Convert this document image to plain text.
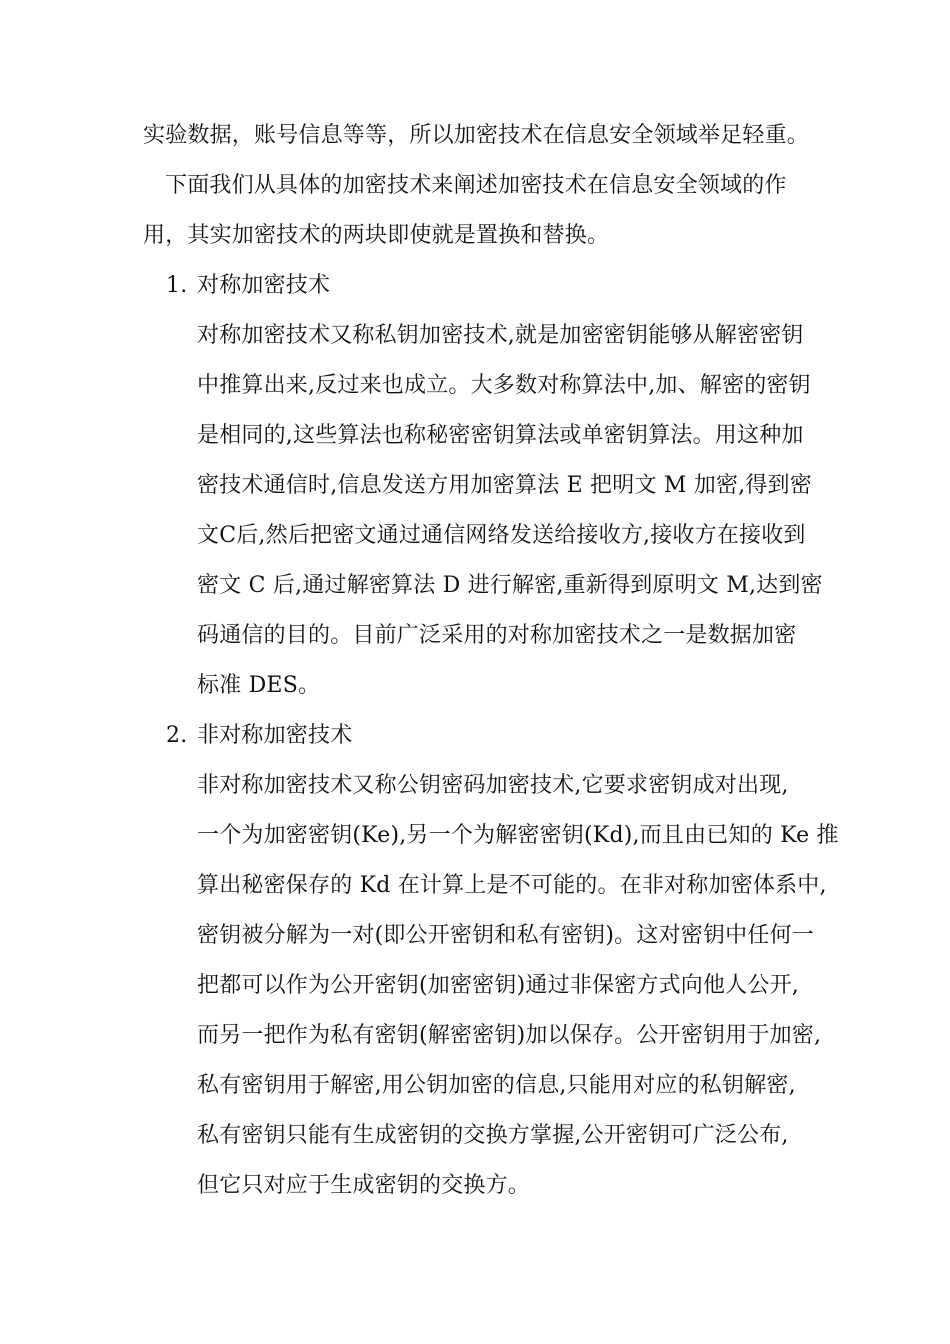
实验数据，账号信息等等，所以加密技术在信息安全领域举足轻重。
下面我们从具体的加密技术来阐述加密技术在信息安全领域的作
用，其实加密技术的两块即使就是置换和替换。
1. 对称加密技术
对称加密技术又称私钥加密技术,就是加密密钥能够从解密密钥
中推算出来,反过来也成立。大多数对称算法中,加、解密的密钥
是相同的,这些算法也称秘密密钥算法或单密钥算法。用这种加
密技术通信时,信息发送方用加密算法 E 把明文 M 加密,得到密
文C后,然后把密文通过通信网络发送给接收方,接收方在接收到
密文 C 后,通过解密算法 D 进行解密,重新得到原明文 M,达到密
码通信的目的。目前广泛采用的对称加密技术之一是数据加密
标准 DES。
2. 非对称加密技术
非对称加密技术又称公钥密码加密技术,它要求密钥成对出现,
一个为加密密钥(Ke),另一个为解密密钥(Kd),而且由已知的 Ke 推
算出秘密保存的 Kd 在计算上是不可能的。在非对称加密体系中,
密钥被分解为一对(即公开密钥和私有密钥)。这对密钥中任何一
把都可以作为公开密钥(加密密钥)通过非保密方式向他人公开,
而另一把作为私有密钥(解密密钥)加以保存。公开密钥用于加密,
私有密钥用于解密,用公钥加密的信息,只能用对应的私钥解密,
私有密钥只能有生成密钥的交换方掌握,公开密钥可广泛公布,
但它只对应于生成密钥的交换方。
